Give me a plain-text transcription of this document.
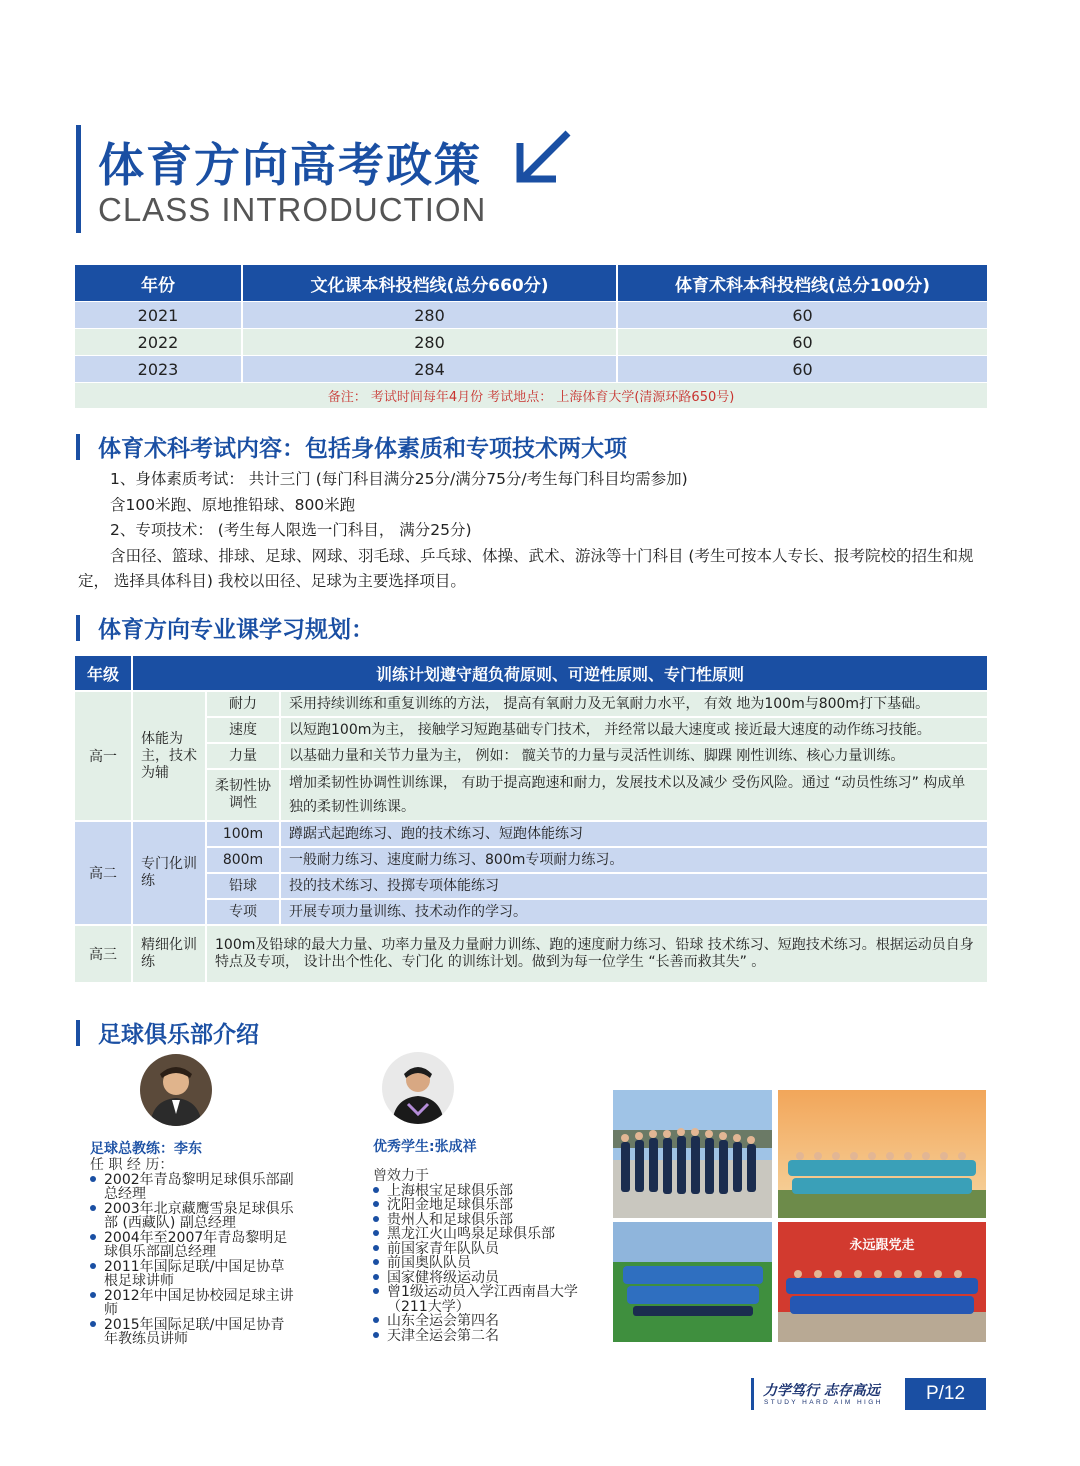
体育方向高考政策
CLASS INTRODUCTION
年份	文化课本科投档线(总分660分)	体育术科本科投档线(总分100分)
2021	280	60
2022	280	60
2023	284	60
备注： 考试时间每年4月份 考试地点： 上海体育大学(清源环路650号)		
体育术科考试内容：包括身体素质和专项技术两大项

1、身体素质考试： 共计三门 (每门科目满分25分/满分75分/考生每门科目均需参加)

含100米跑、原地推铅球、800米跑

2、专项技术： (考生每人限选一门科目， 满分25分)

含田径、篮球、排球、足球、网球、羽毛球、乒乓球、体操、武术、游泳等十门科目 (考生可按本人专长、报考院校的招生和规定， 选择具体科目) 我校以田径、足球为主要选择项目。

体育方向专业课学习规划：
年级	训练计划遵守超负荷原则、可逆性原则、专门性原则		
高一	体能为主，技术为辅	耐力	采用持续训练和重复训练的方法， 提高有氧耐力及无氧耐力水平， 有效 地为100m与800m打下基础。
		速度	以短跑100m为主， 接触学习短跑基础专门技术， 并经常以最大速度或 接近最大速度的动作练习技能。
		力量	以基础力量和关节力量为主， 例如： 髋关节的力量与灵活性训练、脚踝 刚性训练、核心力量训练。
		柔韧性协调性	增加柔韧性协调性训练课， 有助于提高跑速和耐力，发展技术以及减少 受伤风险。通过 “动员性练习” 构成单独的柔韧性训练课。
高二	专门化训练	100m	蹲踞式起跑练习、跑的技术练习、短跑体能练习
		800m	一般耐力练习、速度耐力练习、800m专项耐力练习。
		铅球	投的技术练习、投掷专项体能练习
		专项	开展专项力量训练、技术动作的学习。
高三	精细化训练	100m及铅球的最大力量、功率力量及力量耐力训练、跑的速度耐力练习、铅球 技术练习、短跑技术练习。根据运动员自身特点及专项， 设计出个性化、专门化 的训练计划。做到为每一位学生 “长善而救其失” 。	
足球俱乐部介绍
足球总教练：李东
任 职 经 历：
2002年青岛黎明足球俱乐部副总经理
2003年北京藏鹰雪泉足球俱乐部 (西藏队) 副总经理
2004年至2007年青岛黎明足球俱乐部副总经理
2011年国际足联/中国足协草根足球讲师
2012年中国足协校园足球主讲师
2015年国际足联/中国足协青年教练员讲师
优秀学生:张成祥
曾效力于
上海根宝足球俱乐部
沈阳金地足球俱乐部
贵州人和足球俱乐部
黑龙江火山鸣泉足球俱乐部
前国家青年队队员
前国奥队队员
国家健将级运动员
曾1级运动员入学江西南昌大学（211大学）
山东全运会第四名
天津全运会第二名
永远跟党走
力学笃行 志存高远
STUDY HARD AIM HIGH	P/12
